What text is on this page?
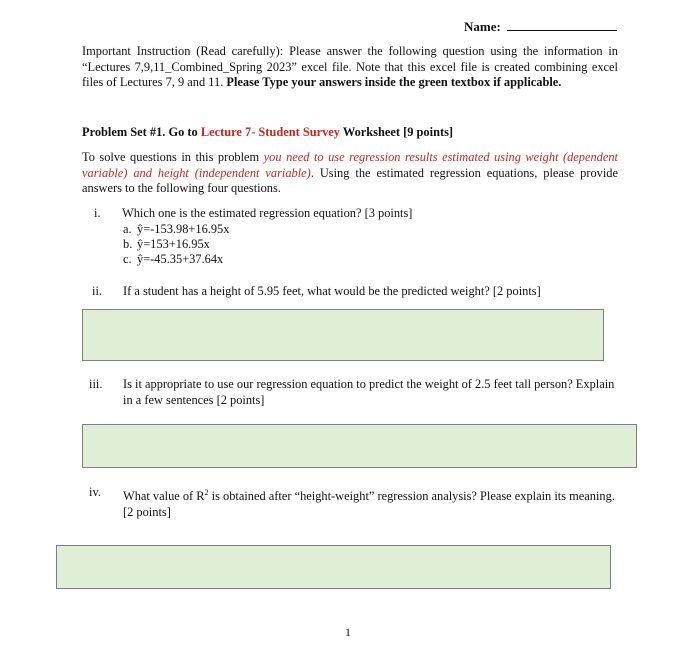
Name:
Important Instruction (Read carefully): Please answer the following question using the information in “Lectures 7,9,11_Combined_Spring 2023” excel file. Note that this excel file is created combining excel files of Lectures 7, 9 and 11. Please Type your answers inside the green textbox if applicable.
Problem Set #1. Go to Lecture 7- Student Survey Worksheet [9 points]
To solve questions in this problem you need to use regression results estimated using weight (dependent variable) and height (independent variable). Using the estimated regression equations, please provide answers to the following four questions.
i.	Which one is the estimated regression equation? [3 points]
a. ŷ=-153.98+16.95x
b. ŷ=153+16.95x
c. ŷ=-45.35+37.64x
ii.	If a student has a height of 5.95 feet, what would be the predicted weight? [2 points]
iii.	Is it appropriate to use our regression equation to predict the weight of 2.5 feet tall person? Explain in a few sentences [2 points]
iv.	What value of $R^2$ is obtained after “height-weight” regression analysis? Please explain its meaning. [2 points]
1
